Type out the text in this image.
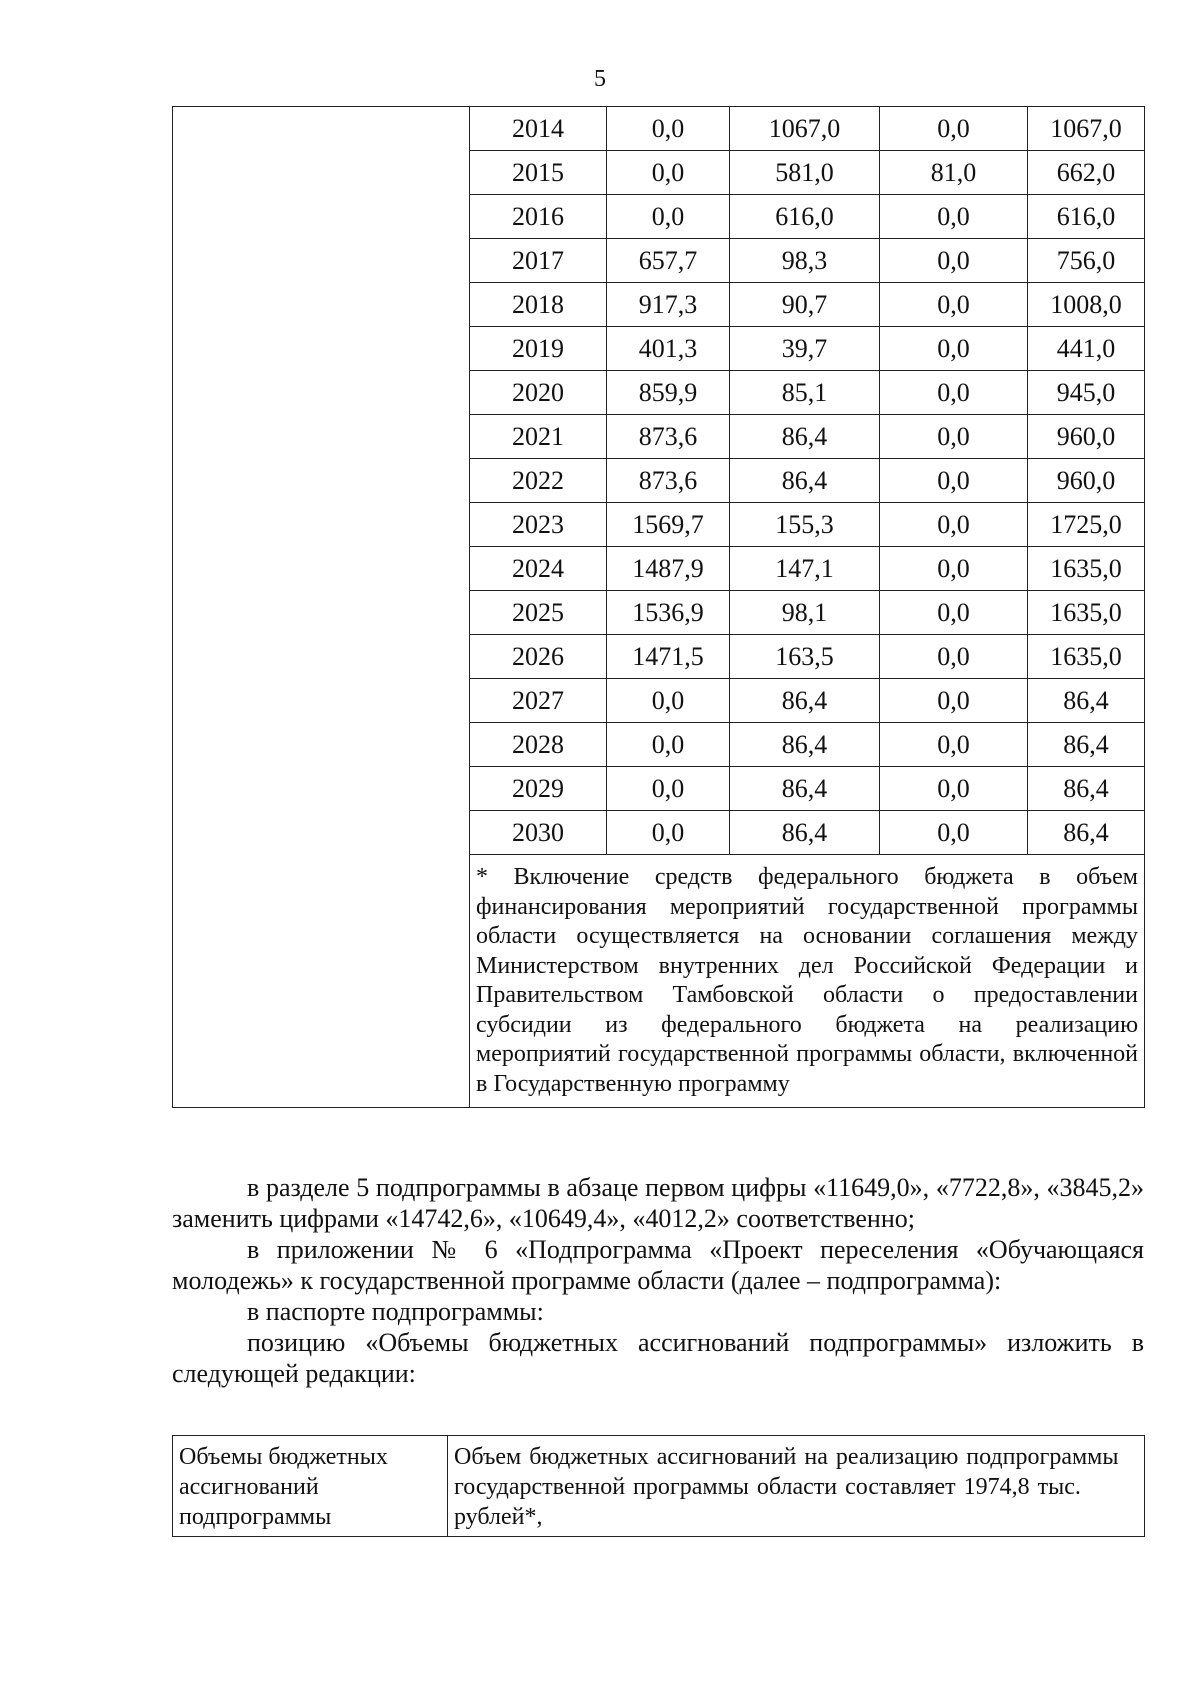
5
	2014	0,0	1067,0	0,0	1067,0
	2015	0,0	581,0	81,0	662,0
	2016	0,0	616,0	0,0	616,0
	2017	657,7	98,3	0,0	756,0
	2018	917,3	90,7	0,0	1008,0
	2019	401,3	39,7	0,0	441,0
	2020	859,9	85,1	0,0	945,0
	2021	873,6	86,4	0,0	960,0
	2022	873,6	86,4	0,0	960,0
	2023	1569,7	155,3	0,0	1725,0
	2024	1487,9	147,1	0,0	1635,0
	2025	1536,9	98,1	0,0	1635,0
	2026	1471,5	163,5	0,0	1635,0
	2027	0,0	86,4	0,0	86,4
	2028	0,0	86,4	0,0	86,4
	2029	0,0	86,4	0,0	86,4
	2030	0,0	86,4	0,0	86,4
	* Включение средств федерального бюджета в объем финансирования мероприятий государственной программы области осуществляется на основании соглашения между Министерством внутренних дел Российской Федерации и Правительством Тамбовской области о предоставлении субсидии из федерального бюджета на реализацию мероприятий государственной программы области, включенной в Государственную программу				

в разделе 5 подпрограммы в абзаце первом цифры «11649,0», «7722,8», «3845,2» заменить цифрами «14742,6», «10649,4», «4012,2» соответственно;

в приложении № 6 «Подпрограмма «Проект переселения «Обучающаяся молодежь» к государственной программе области (далее – подпрограмма):

в паспорте подпрограммы:

позицию «Объемы бюджетных ассигнований подпрограммы» изложить в следующей редакции:

Объемы бюджетных ассигнований подпрограммы	Объем бюджетных ассигнований на реализацию подпрограммы государственной программы области составляет 1974,8 тыс. рублей*,
